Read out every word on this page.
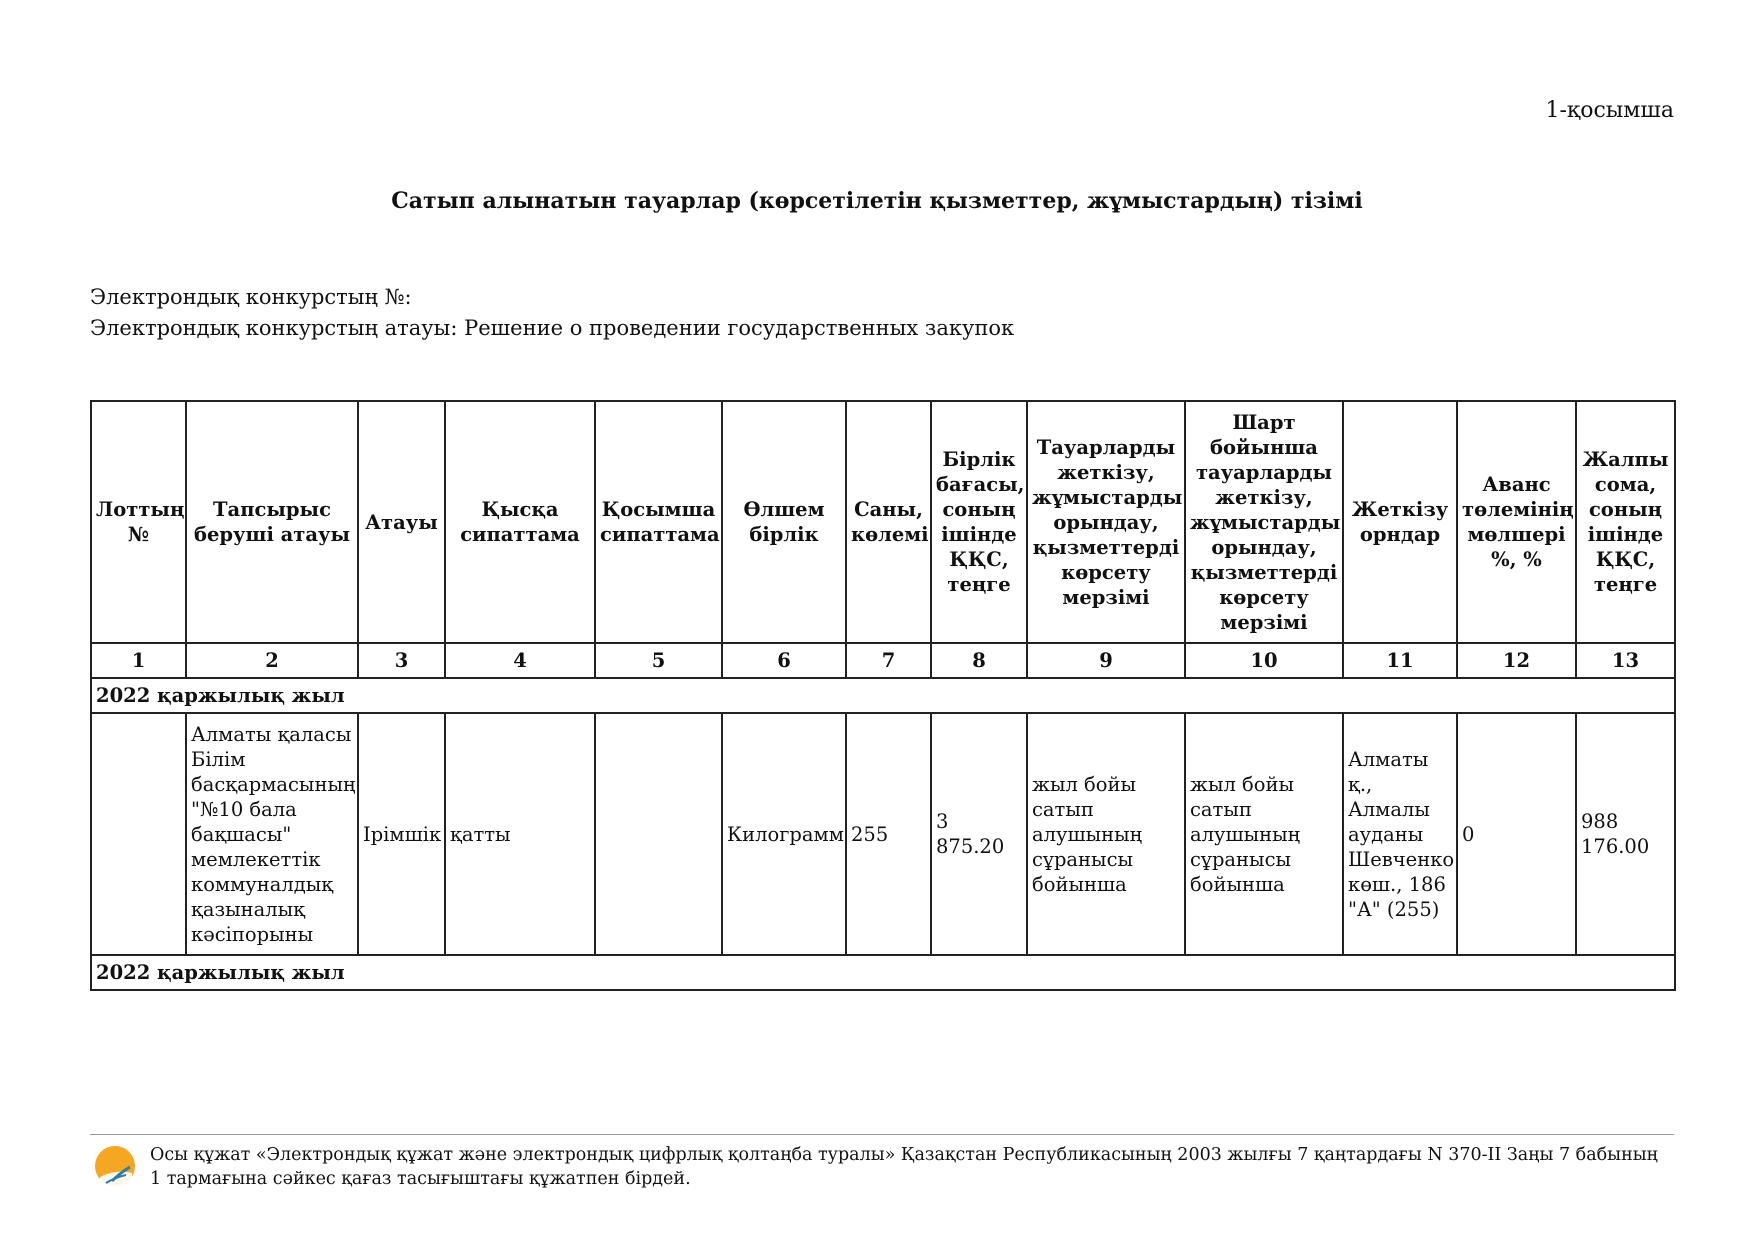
1-қосымша
Сатып алынатын тауарлар (көрсетілетін қызметтер, жұмыстардың) тізімі
Электрондық конкурстың №:
Электрондық конкурстың атауы: Решение о проведении государственных закупок
Лоттың №	Тапсырыс беруші атауы	Атауы	Қысқа сипаттама	Қосымша сипаттама	Өлшем бірлік	Саны, көлемі	Бірлік бағасы, соның ішінде ҚҚС, теңге	Тауарларды жеткізу, жұмыстарды орындау, қызметтерді көрсету мерзімі	Шарт бойынша тауарларды жеткізу, жұмыстарды орындау, қызметтерді көрсету мерзімі	Жеткізу орндар	Аванс төлемінің мөлшері %, %	Жалпы сома, соның ішінде ҚҚС, теңге
1	2	3	4	5	6	7	8	9	10	11	12	13
2022 қаржылық жыл												
	Алматы қаласы Білім басқармасының "№10 бала бақшасы" мемлекеттік коммуналдық қазыналық кәсіпорыны	Ірімшік	қатты		Килограмм	255	3 875.20	жыл бойы сатып алушының сұранысы бойынша	жыл бойы сатып алушының сұранысы бойынша	Алматы қ., Алмалы ауданы Шевченко көш., 186 "А" (255)	0	988 176.00
2022 қаржылық жыл												
Осы құжат «Электрондық құжат және электрондық цифрлық қолтаңба туралы» Қазақстан Республикасының 2003 жылғы 7 қаңтардағы N 370-II Заңы 7 бабының 1 тармағына сәйкес қағаз тасығыштағы құжатпен бірдей.
